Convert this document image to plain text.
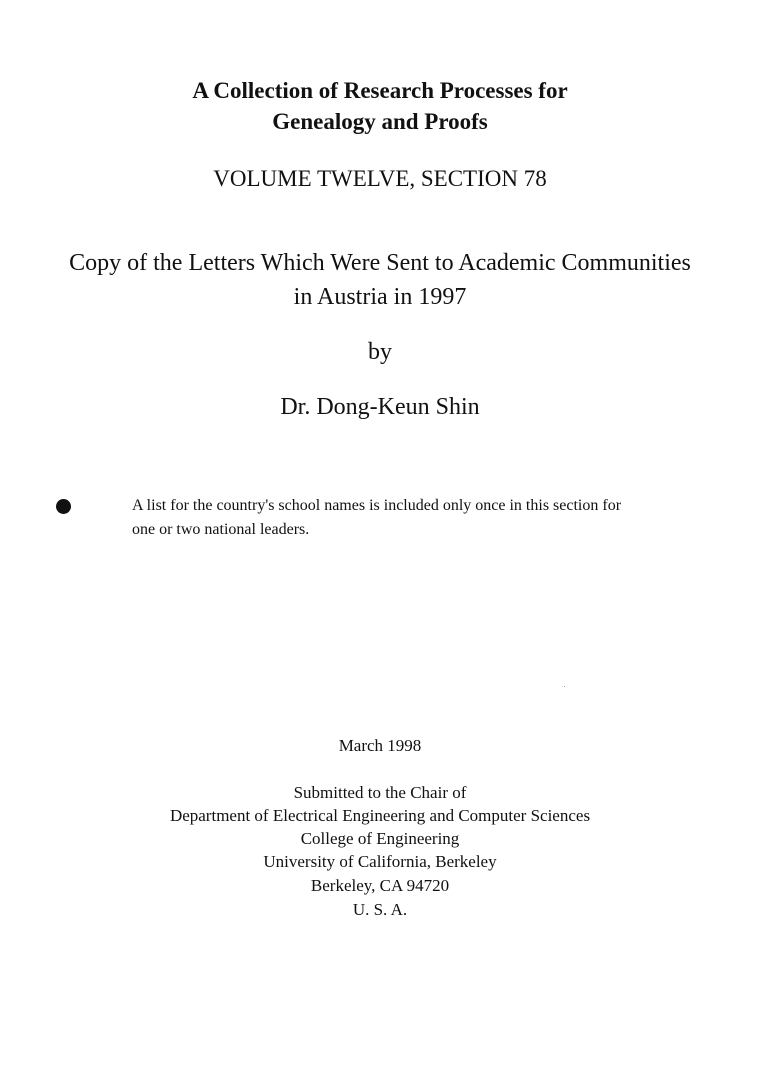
A Collection of Research Processes for
Genealogy and Proofs
VOLUME TWELVE, SECTION 78
Copy of the Letters Which Were Sent to Academic Communities
in Austria in 1997
by
Dr. Dong-Keun Shin
A list for the country's school names is included only once in this section for
one or two national leaders.
March 1998
Submitted to the Chair of
Department of Electrical Engineering and Computer Sciences
College of Engineering
University of California, Berkeley
Berkeley, CA 94720
U. S. A.
